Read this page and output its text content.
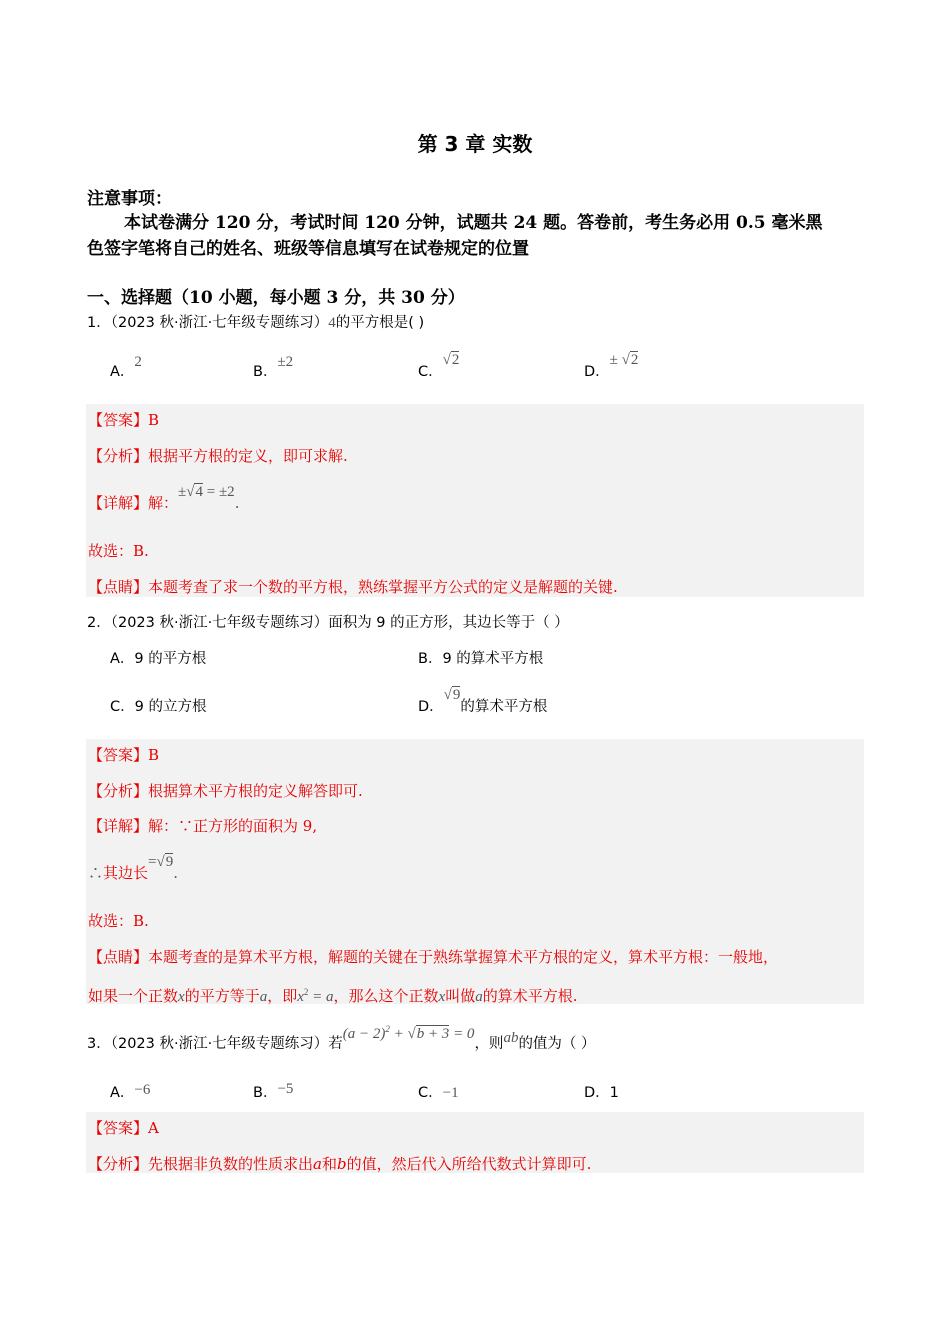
第 3 章 实数
注意事项：
本试卷满分 120 分，考试时间 120 分钟，试题共 24 题。答卷前，考生务必用 0.5 毫米黑
色签字笔将自己的姓名、班级等信息填写在试卷规定的位置
一、选择题（10 小题，每小题 3 分，共 30 分）
1．（2023 秋·浙江·七年级专题练习）4的平方根是( )
A．2
B．±2
C．√2
D．± √2
【答案】B
【分析】根据平方根的定义，即可求解.
【详解】解：±√4 = ±2.
故选：B.
【点睛】本题考查了求一个数的平方根，熟练掌握平方公式的定义是解题的关键.
2．（2023 秋·浙江·七年级专题练习）面积为 9 的正方形，其边长等于（ ）
A．9 的平方根	B．9 的算术平方根
C．9 的立方根	D．√9的算术平方根
【答案】B
【分析】根据算术平方根的定义解答即可.
【详解】解：∵正方形的面积为 9,
∴其边长=√9.
故选：B.
【点睛】本题考查的是算术平方根，解题的关键在于熟练掌握算术平方根的定义，算术平方根：一般地，
如果一个正数x的平方等于a，即$x^2 = a$，那么这个正数x叫做a的算术平方根.
3．（2023 秋·浙江·七年级专题练习）若$(a - 2)^2 + √b + 3 = 0$，则ab的值为（ ）
A．−6	B．−5	C．−1	D．1
【答案】A
【分析】先根据非负数的性质求出a和b的值，然后代入所给代数式计算即可.
